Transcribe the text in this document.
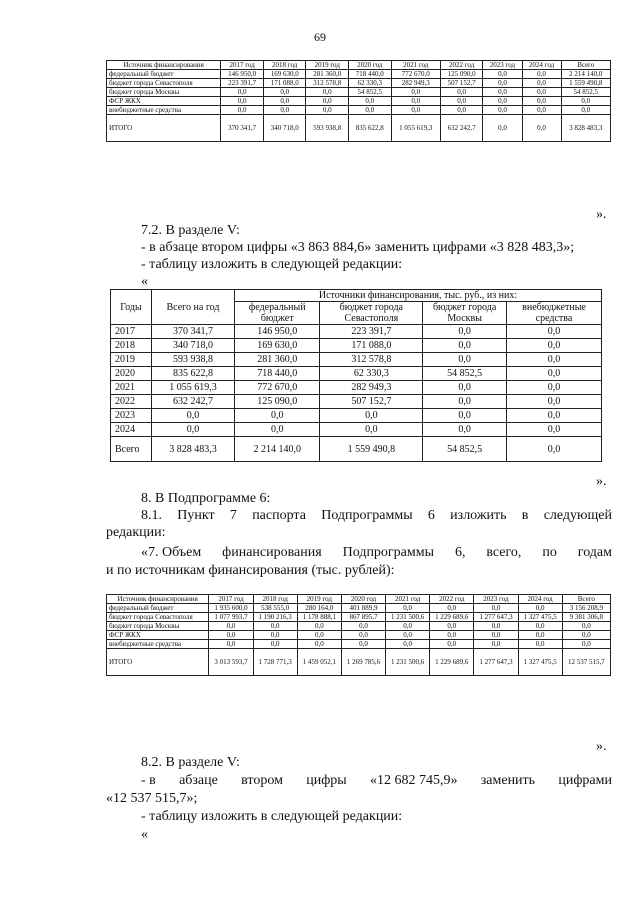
69
Источник финансирования	2017 год	2018 год	2019 год	2020 год	2021 год	2022 год	2023 год	2024 год	Всего
федеральный бюджет	146 950,0	169 630,0	281 360,0	718 440,0	772 670,0	125 090,0	0,0	0,0	2 214 140,0
бюджет города Севастополя	223 391,7	171 088,0	312 578,8	62 330,3	282 949,3	507 152,7	0,0	0,0	1 559 490,8
бюджет города Москвы	0,0	0,0	0,0	54 852,5	0,0	0,0	0,0	0,0	54 852,5
ФСР ЖКХ	0,0	0,0	0,0	0,0	0,0	0,0	0,0	0,0	0,0
внебюджетные средства	0,0	0,0	0,0	0,0	0,0	0,0	0,0	0,0	0,0
ИТОГО	370 341,7	340 718,0	593 938,8	835 622,8	1 055 619,3	632 242,7	0,0	0,0	3 828 483,3
».
7.2. В разделе V:
- в абзаце втором цифры «3 863 884,6» заменить цифрами «3 828 483,3»;
- таблицу изложить в следующей редакции:
«
Годы	Всего на год	Источники финансирования, тыс. руб., из них:			
		федеральный бюджет	бюджет города Севастополя	бюджет города Москвы	внебюджетные средства
2017	370 341,7	146 950,0	223 391,7	0,0	0,0
2018	340 718,0	169 630,0	171 088,0	0,0	0,0
2019	593 938,8	281 360,0	312 578,8	0,0	0,0
2020	835 622,8	718 440,0	62 330,3	54 852,5	0,0
2021	1 055 619,3	772 670,0	282 949,3	0,0	0,0
2022	632 242,7	125 090,0	507 152,7	0,0	0,0
2023	0,0	0,0	0,0	0,0	0,0
2024	0,0	0,0	0,0	0,0	0,0
Всего	3 828 483,3	2 214 140,0	1 559 490,8	54 852,5	0,0
».
8. В Подпрограмме 6:
8.1. Пункт 7 паспорта Подпрограммы 6 изложить в следующей
редакции:
«7. Объем финансирования Подпрограммы 6, всего, по годам
и по источникам финансирования (тыс. рублей):
Источник финансирования	2017 год	2018 год	2019 год	2020 год	2021 год	2022 год	2023 год	2024 год	Всего
федеральный бюджет	1 935 600,0	538 555,0	280 164,0	401 889,9	0,0	0,0	0,0	0,0	3 156 208,9
бюджет города Севастополя	1 077 993,7	1 190 216,3	1 178 888,1	867 895,7	1 231 500,6	1 229 689,6	1 277 647,3	1 327 475,5	9 381 306,8
бюджет города Москвы	0,0	0,0	0,0	0,0	0,0	0,0	0,0	0,0	0,0
ФСР ЖКХ	0,0	0,0	0,0	0,0	0,0	0,0	0,0	0,0	0,0
внебюджетные средства	0,0	0,0	0,0	0,0	0,0	0,0	0,0	0,0	0,0
ИТОГО	3 013 593,7	1 728 771,3	1 459 052,1	1 269 785,6	1 231 500,6	1 229 689,6	1 277 647,3	1 327 475,5	12 537 515,7
».
8.2. В разделе V:
- в абзаце втором цифры «12 682 745,9» заменить цифрами
«12 537 515,7»;
- таблицу изложить в следующей редакции:
«
